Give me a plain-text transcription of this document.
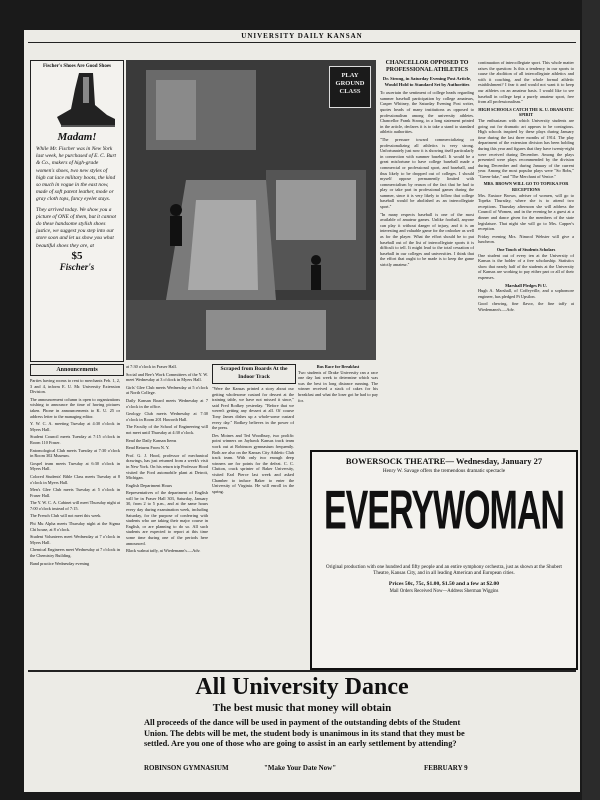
UNIVERSITY DAILY KANSAN
Fischer's Shoes Are Good Shoes
Madam!
While Mr. Fischer was in New York last week, he purchased of E. C. Burt & Co., makers of high-grade women's shoes, two new styles of high cut lace military boots, the kind so much in vogue in the east now, made of soft patent leather, mode or gray cloth tops, fancy eyelet stays.
They arrived today. We show you a picture of ONE of them, but it cannot do these handsome stylish shoes justice, we suggest you step into our store soon and let us show you what beautiful shoes they are, at
$5
Fischer's
PLAY GROUND CLASS
Announcements

Parties having rooms to rent to merchants Feb. 1, 2, 3 and 4, inform E. U. Mr. University Extension Division.

The announcement column is open to organizations wishing to announce the time of having pictures taken. Phone in announcements to K. U. 25 or address letter to the managing editor.

Y. W. C. A. meeting Tuesday at 4:30 o'clock in Myers Hall.

Student Council meets Tuesday at 7:15 o'clock in Room 110 Fraser.

Entomological Club meets Tuesday at 7:30 o'clock in Room 302 Museum.

Gospel team meets Tuesday at 6:30 o'clock in Myers Hall.

Colored Students' Bible Class meets Tuesday at 8 o'clock in Myers Hall.

Men's Glee Club meets Tuesday at 5 o'clock in Fraser Hall.

The Y. W. C. A. Cabinet will meet Thursday night at 7:00 o'clock instead of 7:15.

The French Club will not meet this week.

Phi Mu Alpha meets Thursday night at the Sigma Chi house, at 8 o'clock.

Student Volunteers meet Wednesday at 7 o'clock in Myers Hall.

Chemical Engineers meet Wednesday at 7 o'clock in the Chemistry Building.

Band practice Wednesday evening

at 7:30 o'clock in Fraser Hall.

Social and Bee's Work Committees of the Y. W. meet Wednesday at 3 o'clock in Myers Hall.

Girls' Glee Club meets Wednesday at 5 o'clock at North College.

Daily Kansan Board meets Wednesday at 7 o'clock in the office.

Geology Club meets Wednesday at 7:30 o'clock in Room 201 Haworth Hall.

The Faculty of the School of Engineering will not meet until Thursday at 4:30 o'clock.

Read the Daily Kansan Items

Read Returns From N. Y.

Prof. G. J. Hood, professor of mechanical drawings, has just returned from a week's visit in New York. On his return trip Professor Hood visited the Ford automobile plant at Detroit, Michigan.

English Department Hours

Representatives of the department of English will be in Fraser Hall 303, Saturday, January 30, from 2 to 5 p.m., and at the same hours every day during examination week, including Saturday, for the purpose of conferring with students who are taking their major course in English, or are planning to do so. All such students are expected to report at this time some time during one of the periods here announced.

Black walnut taffy, at Wiedemann's.—Adv.

Scraped from Boards At the Indoor Track

"Were the Kansas printed a story about our getting wholesome custard for dessert at the training table, we have not missed it since," said Fred Rodkey yesterday. "Before that we weren't getting any dessert at all. Of course Tony James dishes up a whole-some custard every day." Rodkey believes in the power of the press.

Des Moines and Ted Woodbury, two prolific point winners on Jayhawk Kansas track team work out at Robinson gymnasium frequently. Both are also on the Kansas City Athletic Club track team. With only two enough deep winners are for points for the defeat. C. C. Clutton, crack sprinter of Baker University, visited Earl Pierce last week and asked Chamber to induce Baker to enter the University of Virginia. He will enroll in the spring.

Bus Race for Breakfast

Two students of Drake University ran a race one day last week to determine which was was the best in long distance running. The winner received a stack of cakes for his breakfast and what the loser got he had to pay for.

CHANCELLOR OPPOSED TO PROFESSIONAL ATHLETICS
Dr. Strong, in Saturday Evening Post Article, Would Hold to Standard Set by Authorities

To ascertain the sentiment of college heads regarding summer baseball participation by college amateurs, Casper Whitney, the Saturday Evening Post writer, quotes heads of many institutions as opposed to professionalism among the university athletes. Chancellor Frank Strong, in a long statement printed in the article, declares it is to take a stand to standard athletic authorities.

"The pressure toward commercializing or professionalizing all athletics is very strong. Unfortunately just now it is showing itself particularly in connection with summer baseball. It would be a great misfortune to have college baseball made a commercial or professional sport, and baseball, and thus likely to be dropped out of colleges. I should myself oppose permanently limited with commercialism by reason of the fact that he had to play or take part in professional games during the summer, since it is very likely to follow that college baseball would be abolished as an intercollegiate sport."

"In many respects baseball is one of the most available of amateur games. Unlike football, anyone can play it without danger of injury, and it is an interesting and valuable game for the onlooker as well as for the player. What the effort should be to put baseball out of the list of intercollegiate sports it is difficult to tell. It might lead to the total cessation of baseball in our colleges and universities. I think that the effort that ought to be made is to keep the game strictly amateur."

continuation of intercollegiate sport. This whole matter raises the question: Is this a tendency in our sports to cause the abolition of all intercollegiate athletics and with it coaching, and the whole formal athletic establishment? I fear it and would not want it to keep our athletes on an amateur basis. I would like to see baseball in college kept a purely amateur sport, free from all professionalism."

HIGH SCHOOLS CATCH THE K. U. DRAMATIC SPIRIT

The enthusiasm with which University students are going out for dramatic art appears to be contagious. High schools inspired by these plays during January time during the last three months of 1914. The play department of the extension division has been holding during this year and figures that they have twenty-eight were received during December. Among the plays presented were plays recommended by the division during December and during January of the current year. Among the most popular plays were "So Bobs," "Green-lake," and "The Merchant of Venice."

MRS. BROWN WILL GO TO TOPEKA FOR RECEPTIONS

Mrs. Eustace Brown, adviser of women, will go to Topeka Thursday, where she is to attend two receptions. Thursday afternoon she will address the Council of Women, and in the evening be a guest at a dinner and dance given for the members of the state legislature. That night she will go to Mrs. Capper's reception.

Friday evening Mrs. Nimrod Webster will give a luncheon.

One Touch of Students Scholars

One student out of every ten at the University of Kansas is the holder of a free scholarship. Statistics show that nearly half of the students at the University of Kansas are working to pay either part or all of their expenses.

Marshall Pledges Pi U.

Hugh A. Marshall, of Coffeyville, and a sophomore engineer, has pledged Pi Upsilon.

Good chewing, fine flavor, the fine taffy at Wiedemann's.—Adv.

BOWERSOCK THEATRE— Wednesday, January 27
Henry W. Savage offers the tremendous dramatic spectacle
EVERYWOMAN
Original production with one hundred and fifty people and an entire symphony orchestra, just as shown at the Shubert Theatre, Kansas City, and in all leading American and European cities.
Prices 50c, 75c, $1.00, $1.50 and a few at $2.00
Mail Orders Received Now—Address Sherman Wiggins
All University Dance
The best music that money will obtain
All proceeds of the dance will be used in payment of the outstanding debts of the Student Union. The debts will be met, the student body is unanimous in its stand that they must be settled. Are you one of those who are going to assist in an early settlement by attending?
ROBINSON GYMNASIUM	"Make Your Date Now"	FEBRUARY 9
